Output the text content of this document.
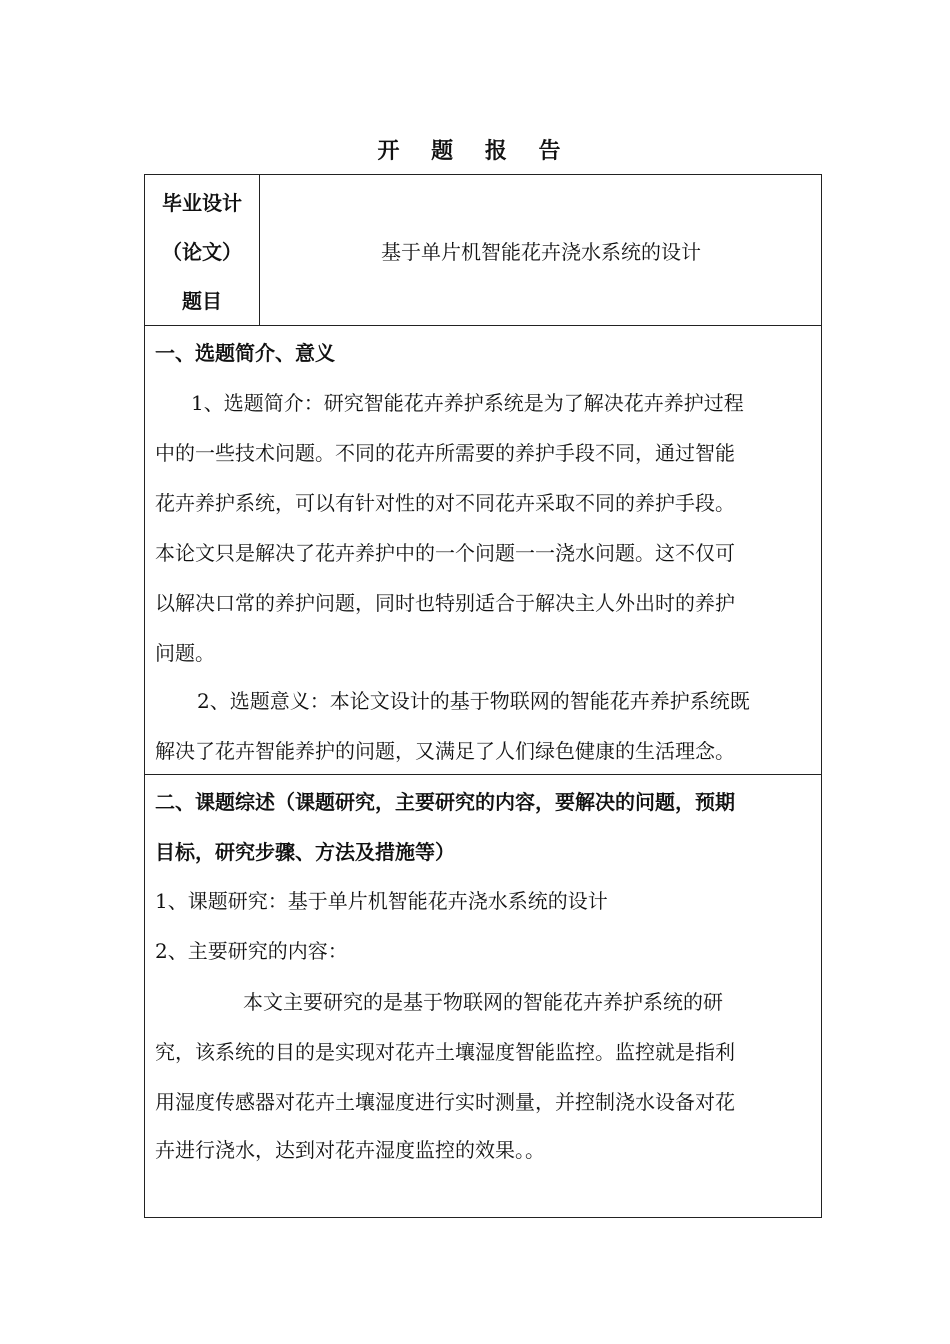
开 题 报 告
毕业设计
（论文）
题目
基于单片机智能花卉浇水系统的设计
一、选题简介、意义
1、选题简介：研究智能花卉养护系统是为了解决花卉养护过程
中的一些技术问题。不同的花卉所需要的养护手段不同，通过智能
花卉养护系统，可以有针对性的对不同花卉采取不同的养护手段。
本论文只是解决了花卉养护中的一个问题一一浇水问题。这不仅可
以解决口常的养护问题，同时也特别适合于解决主人外出时的养护
问题。
2、选题意义：本论文设计的基于物联网的智能花卉养护系统既
解决了花卉智能养护的问题，又满足了人们绿色健康的生活理念。
二、课题综述（课题研究，主要研究的内容，要解决的问题，预期
目标，研究步骤、方法及措施等）
1、课题研究：基于单片机智能花卉浇水系统的设计
2、主要研究的内容：
本文主要研究的是基于物联网的智能花卉养护系统的研
究，该系统的目的是实现对花卉土壤湿度智能监控。监控就是指利
用湿度传感器对花卉土壤湿度进行实时测量，并控制浇水设备对花
卉进行浇水，达到对花卉湿度监控的效果。。
